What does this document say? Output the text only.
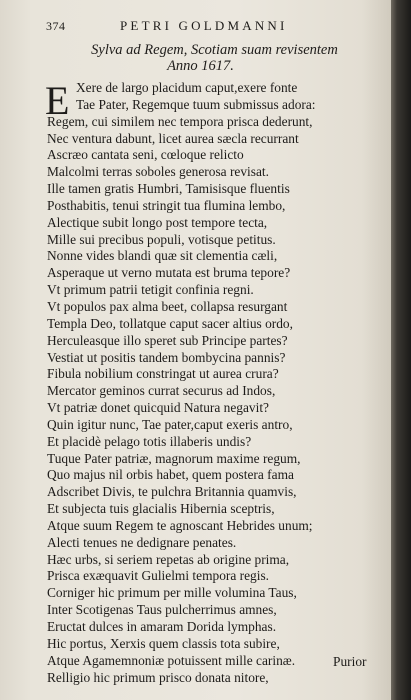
374	PETRI GOLDMANNI
Sylva ad Regem, Scotiam suam revisentem
Anno 1617.
E Xere de largo placidum caput,exere fonte
Tae Pater, Regemque tuum submissus adora:
Regem, cui similem nec tempora prisca dederunt,
Nec ventura dabunt, licet aurea sæcla recurrant
Ascræo cantata seni, cœloque relicto
Malcolmi terras soboles generosa revisat.
Ille tamen gratis Humbri, Tamisisque fluentis
Posthabitis, tenui stringit tua flumina lembo,
Alectique subit longo post tempore tecta,
Mille sui precibus populi, votisque petitus.
Nonne vides blandi quæ sit clementia cæli,
Asperaque ut verno mutata est bruma tepore?
Vt primum patrii tetigit confinia regni.
Vt populos pax alma beet, collapsa resurgant
Templa Deo, tollatque caput sacer altius ordo,
Herculeasque illo speret sub Principe partes?
Vestiat ut positis tandem bombycina pannis?
Fibula nobilium constringat ut aurea crura?
Mercator geminos currat securus ad Indos,
Vt patriæ donet quicquid Natura negavit?
Quin igitur nunc, Tae pater,caput exeris antro,
Et placidè pelago totis illaberis undis?
Tuque Pater patriæ, magnorum maxime regum,
Quo majus nil orbis habet, quem postera fama
Adscribet Divis, te pulchra Britannia quamvis,
Et subjecta tuis glacialis Hibernia sceptris,
Atque suum Regem te agnoscant Hebrides unum;
Alecti tenues ne dedignare penates.
Hæc urbs, si seriem repetas ab origine prima,
Prisca exæquavit Gulielmi tempora regis.
Corniger hic primum per mille volumina Taus,
Inter Scotigenas Taus pulcherrimus amnes,
Eructat dulces in amaram Dorida lymphas.
Hic portus, Xerxis quem classis tota subire,
Atque Agamemnoniæ potuissent mille carinæ.
Relligio hic primum prisco donata nitore,
Purior
